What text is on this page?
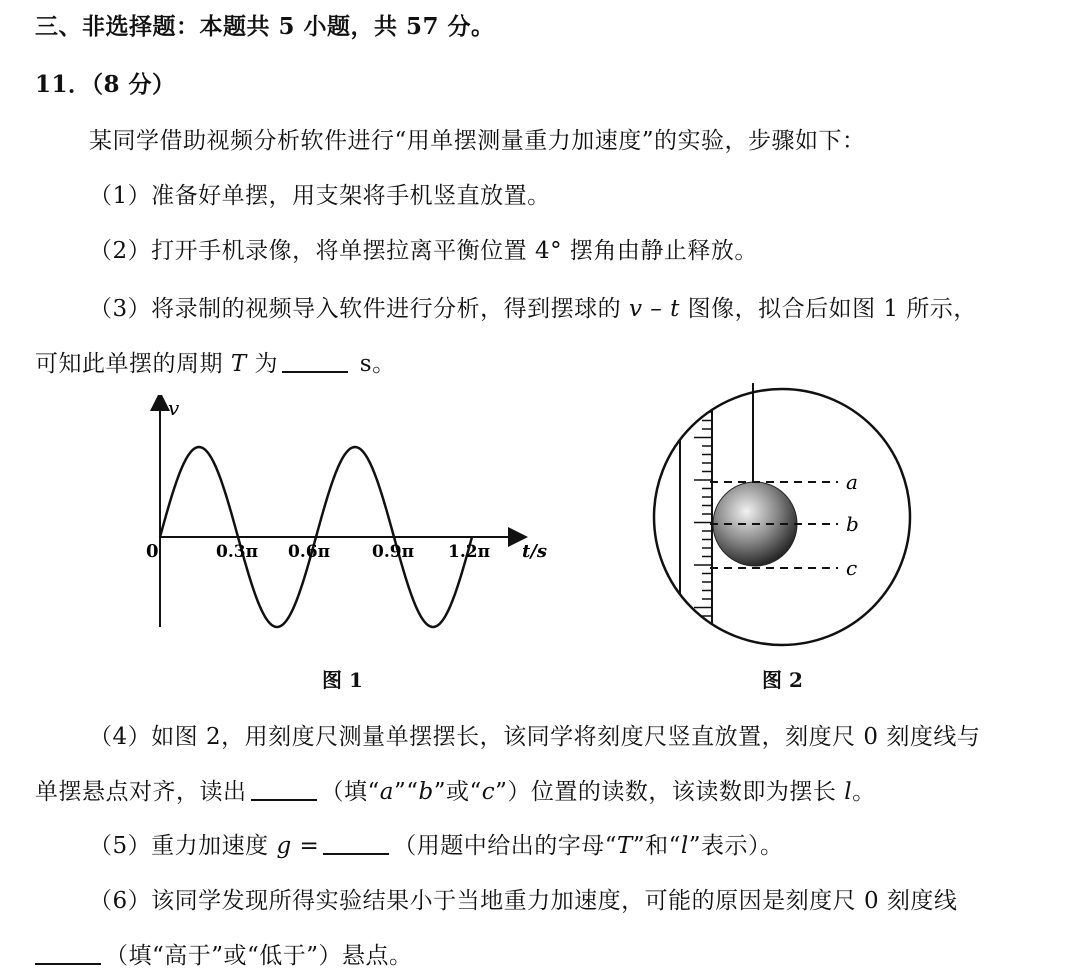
三、非选择题：本题共 5 小题，共 57 分。
11．（8 分）
某同学借助视频分析软件进行“用单摆测量重力加速度”的实验，步骤如下：
（1）准备好单摆，用支架将手机竖直放置。
（2）打开手机录像，将单摆拉离平衡位置 4° 摆角由静止释放。
（3）将录制的视频导入软件进行分析，得到摆球的 v – t 图像，拟合后如图 1 所示，
可知此单摆的周期 T 为	s。
v
0	0.3π 0.6π 0.9π 1.2π t/s
图 1
a
b
c
图 2
（4）如图 2，用刻度尺测量单摆摆长，该同学将刻度尺竖直放置，刻度尺 0 刻度线与
单摆悬点对齐，读出	（填“a”“b”或“c”）位置的读数，该读数即为摆长 l。
（5）重力加速度 g =	（用题中给出的字母“T”和“l”表示）。
（6）该同学发现所得实验结果小于当地重力加速度，可能的原因是刻度尺 0 刻度线
（填“高于”或“低于”）悬点。
